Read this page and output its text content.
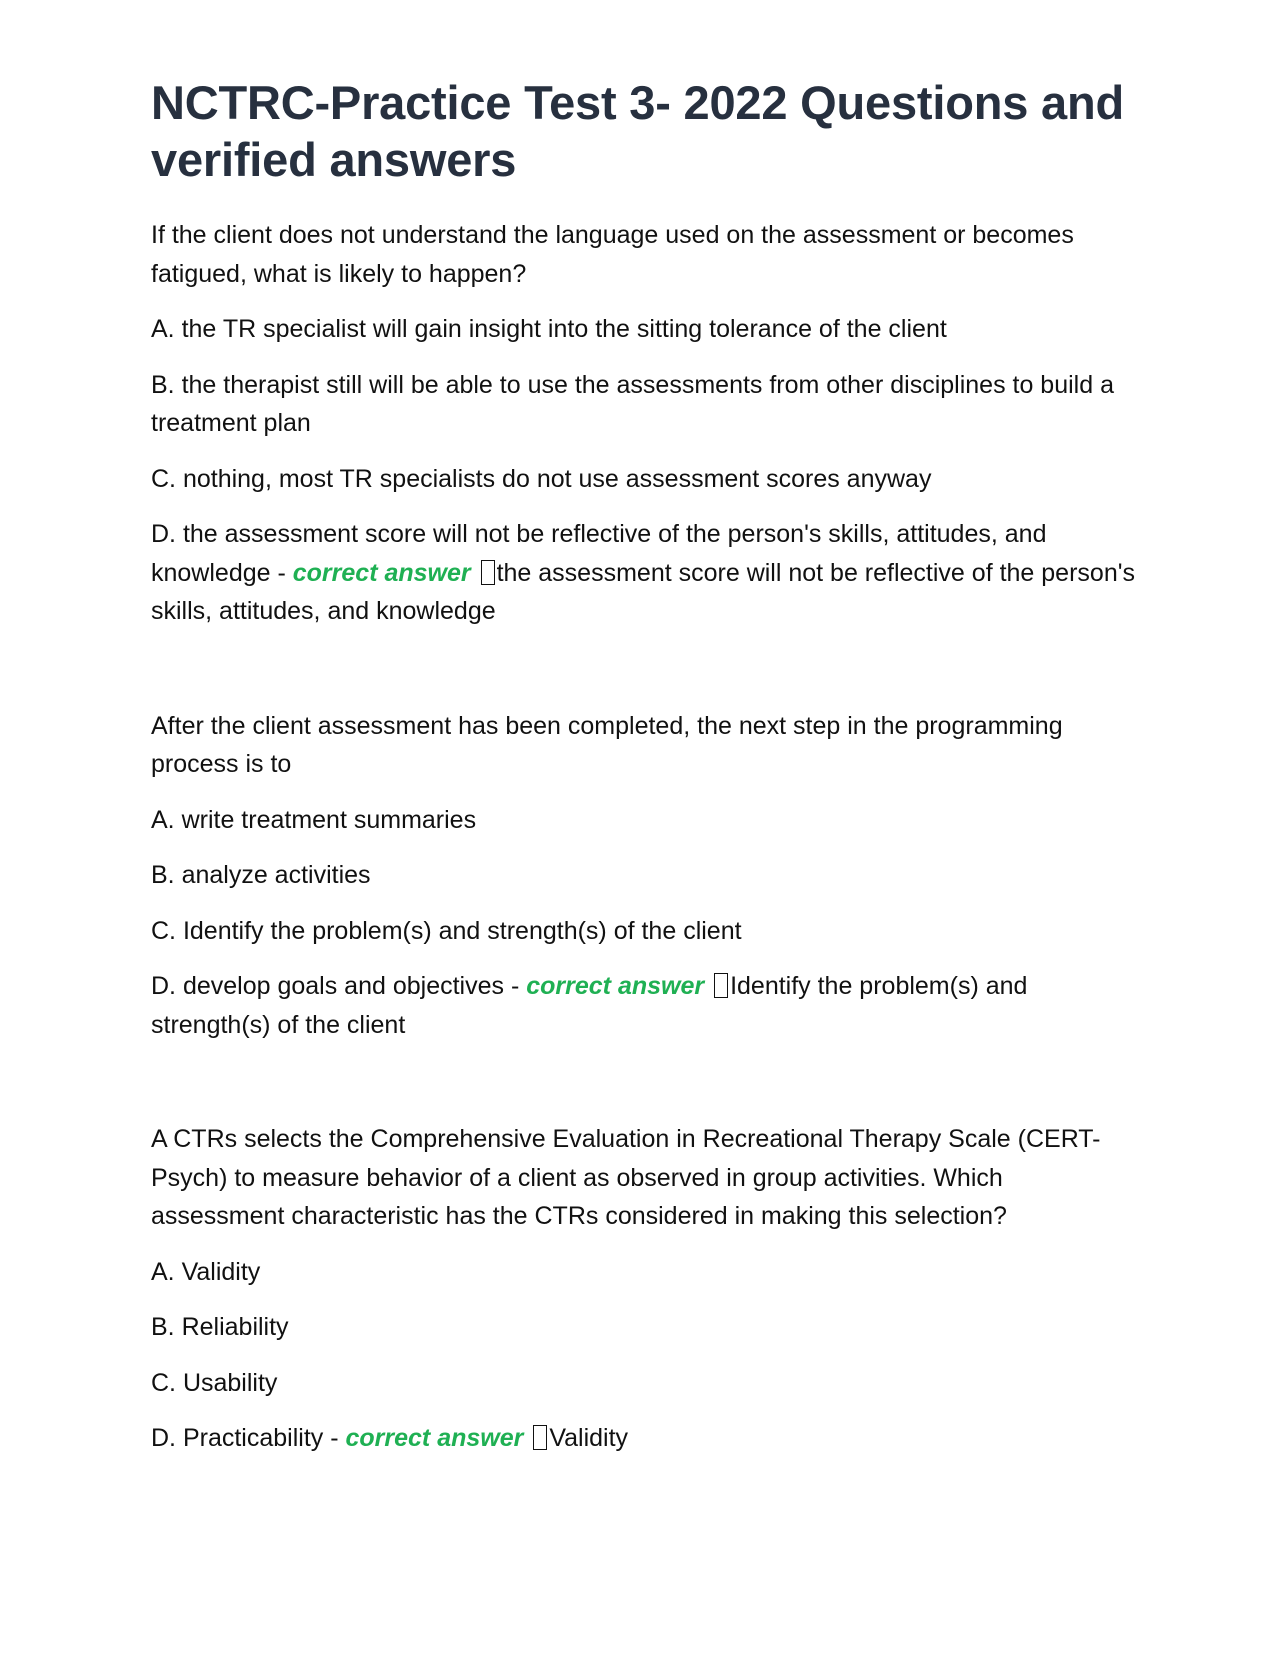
NCTRC-Practice Test 3- 2022 Questions and verified answers

If the client does not understand the language used on the assessment or becomes fatigued, what is likely to happen?

A. the TR specialist will gain insight into the sitting tolerance of the client

B. the therapist still will be able to use the assessments from other disciplines to build a treatment plan

C. nothing, most TR specialists do not use assessment scores anyway

D. the assessment score will not be reflective of the person's skills, attitudes, and knowledge - correct answer the assessment score will not be reflective of the person's skills, attitudes, and knowledge

After the client assessment has been completed, the next step in the programming process is to

A. write treatment summaries

B. analyze activities

C. Identify the problem(s) and strength(s) of the client

D. develop goals and objectives - correct answer Identify the problem(s) and strength(s) of the client

A CTRs selects the Comprehensive Evaluation in Recreational Therapy Scale (CERT-Psych) to measure behavior of a client as observed in group activities. Which assessment characteristic has the CTRs considered in making this selection?

A. Validity

B. Reliability

C. Usability

D. Practicability - correct answer Validity
